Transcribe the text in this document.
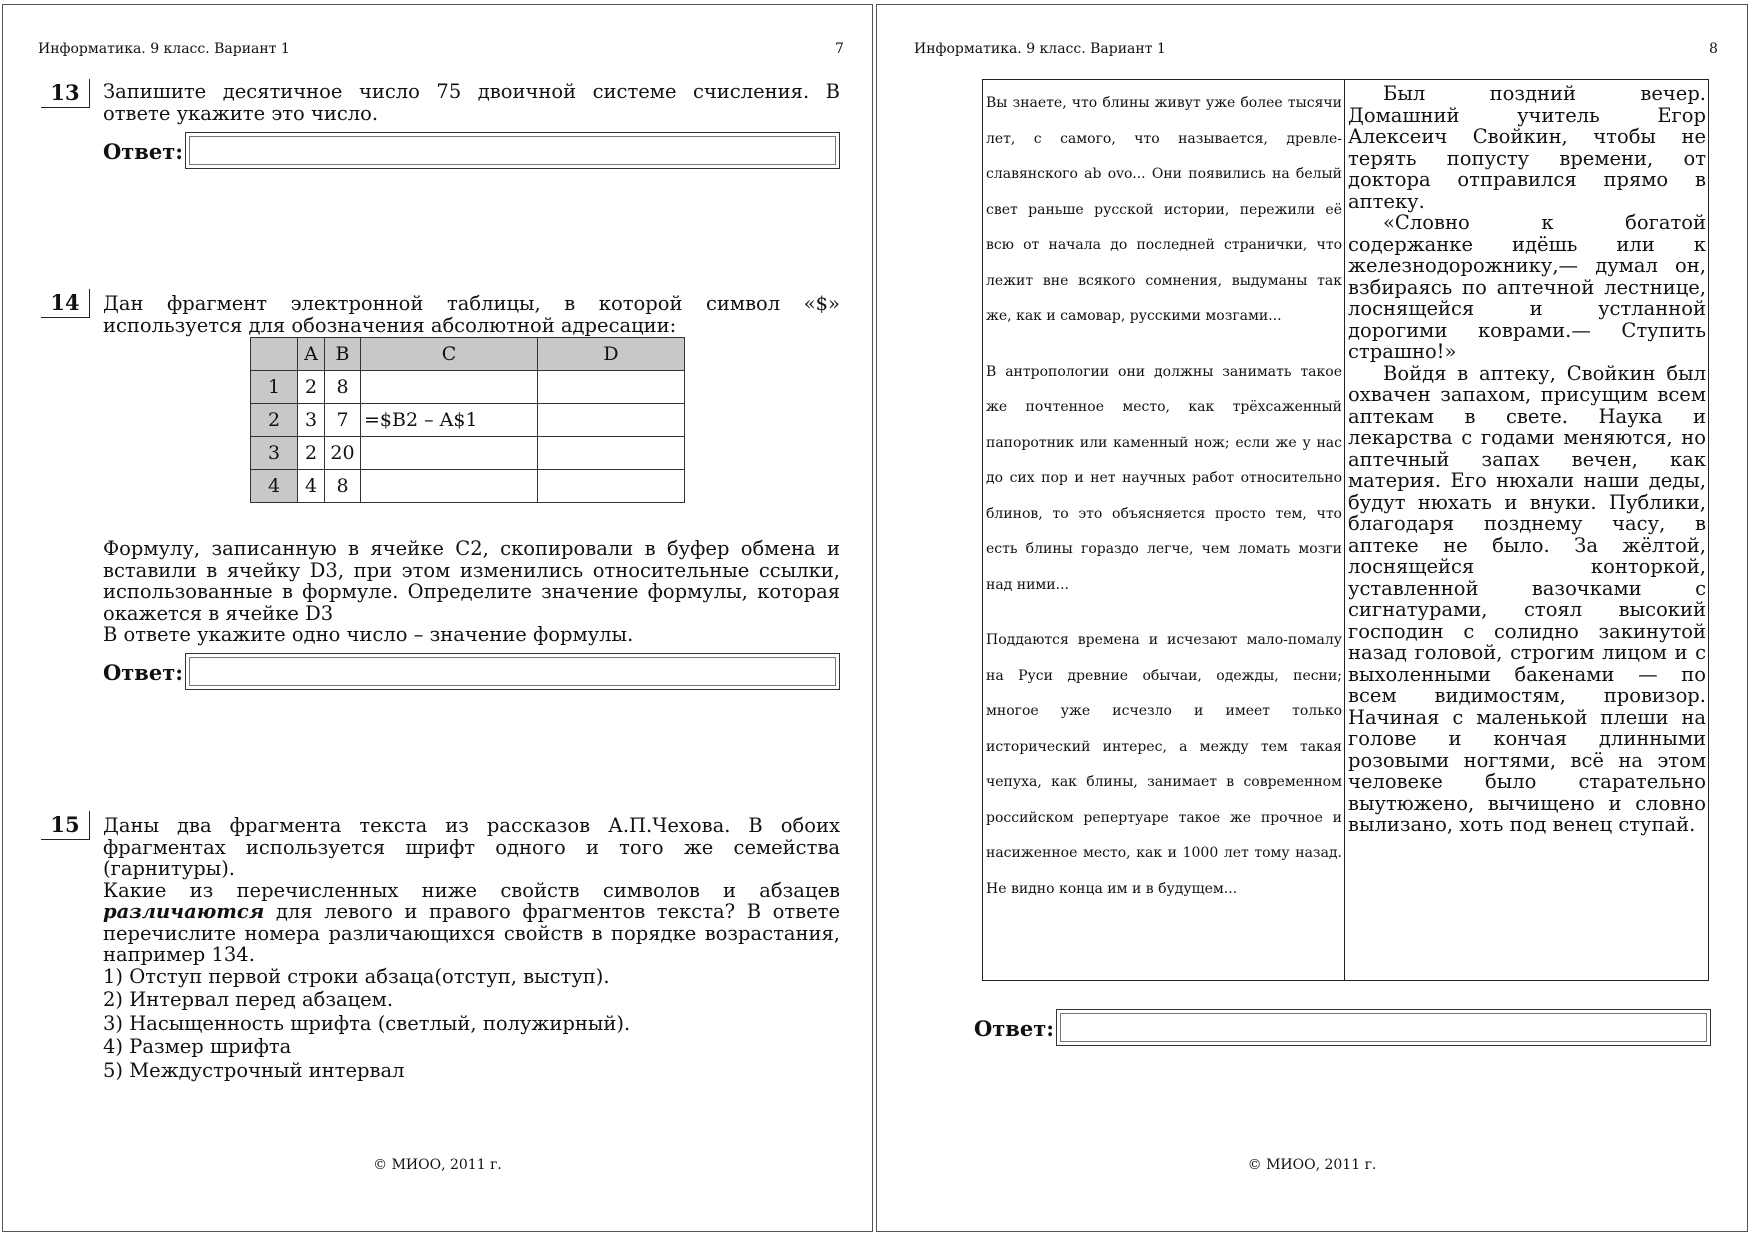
Информатика. 9 класс. Вариант 1	7
13	Запишите десятичное число 75 двоичной системе счисления. В ответе укажите это число.
Ответ:
14	Дан фрагмент электронной таблицы, в которой символ «$» используется для обозначения абсолютной адресации:
	A	B	C	D
1	2	8		
2	3	7	=$B2 – A$1	
3	2	20		
4	4	8		

Формулу, записанную в ячейке C2, скопировали в буфер обмена и вставили в ячейку D3, при этом изменились относительные ссылки, использованные в формуле. Определите значение формулы, которая окажется в ячейке D3

В ответе укажите одно число – значение формулы.

Ответ:
15	Даны два фрагмента текста из рассказов А.П.Чехова. В обоих фрагментах используется шрифт одного и того же семейства (гарнитуры).

Какие из перечисленных ниже свойств символов и абзацев различаются для левого и правого фрагментов текста? В ответе перечислите номера различающихся свойств в порядке возрастания, например 134.

1) Отступ первой строки абзаца(отступ, выступ).
2) Интервал перед абзацем.
3) Насыщенность шрифта (светлый, полужирный).
4) Размер шрифта
5) Междустрочный интервал
© МИОО, 2011 г.
Информатика. 9 класс. Вариант 1	8

Вы знаете, что блины живут уже более тысячи лет, с самого, что называется, древле-славянского ab ovo... Они появились на белый свет раньше русской истории, пережили её всю от начала до последней странички, что лежит вне всякого сомнения, выдуманы так же, как и самовар, русскими мозгами...

В антропологии они должны занимать такое же почтенное место, как трёхсаженный папоротник или каменный нож; если же у нас до сих пор и нет научных работ относительно блинов, то это объясняется просто тем, что есть блины гораздо легче, чем ломать мозги над ними...

Поддаются времена и исчезают мало-помалу на Руси древние обычаи, одежды, песни; многое уже исчезло и имеет только исторический интерес, а между тем такая чепуха, как блины, занимает в современном российском репертуаре такое же прочное и насиженное место, как и 1000 лет тому назад. Не видно конца им и в будущем...

Был поздний вечер. Домашний учитель Егор Алексеич Свойкин, чтобы не терять попусту времени, от доктора отправился прямо в аптеку.

«Словно к богатой содержанке идёшь или к железнодорожнику,— думал он, взбираясь по аптечной лестнице, лоснящейся и устланной дорогими коврами.— Ступить страшно!»

Войдя в аптеку, Свойкин был охвачен запахом, присущим всем аптекам в свете. Наука и лекарства с годами меняются, но аптечный запах вечен, как материя. Его нюхали наши деды, будут нюхать и внуки. Публики, благодаря позднему часу, в аптеке не было. За жёлтой, лоснящейся конторкой, уставленной вазочками с сигнатурами, стоял высокий господин с солидно закинутой назад головой, строгим лицом и с выхоленными бакенами — по всем видимостям, провизор. Начиная с маленькой плеши на голове и кончая длинными розовыми ногтями, всё на этом человеке было старательно выутюжено, вычищено и словно вылизано, хоть под венец ступай.

Ответ:
© МИОО, 2011 г.
